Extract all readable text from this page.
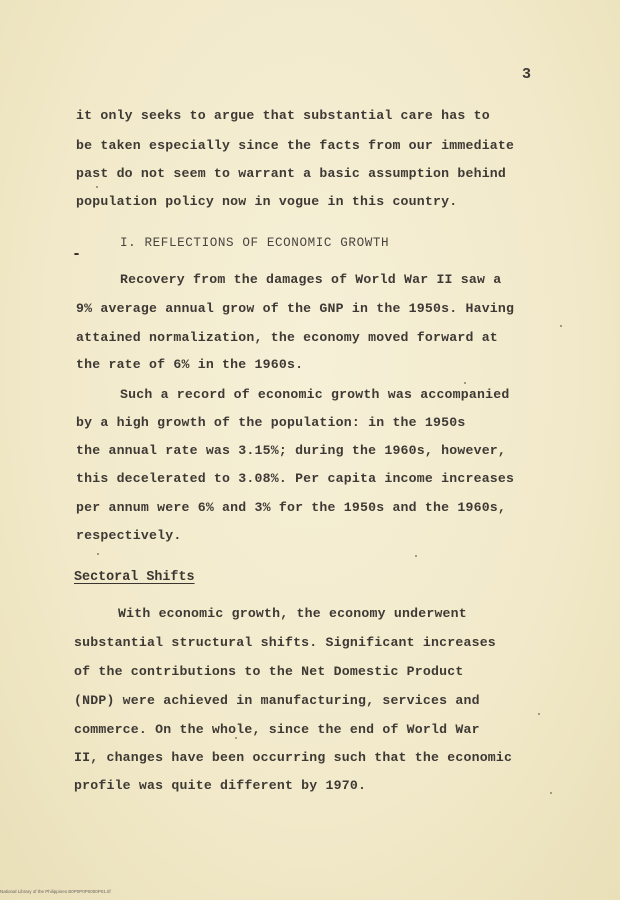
3
it only seeks to argue that substantial care has to
be taken especially since the facts from our immediate
past do not seem to warrant a basic assumption behind
population policy now in vogue in this country.
I. REFLECTIONS OF ECONOMIC GROWTH
Recovery from the damages of World War II saw a
9% average annual grow of the GNP in the 1950s. Having
attained normalization, the economy moved forward at
the rate of 6% in the 1960s.
Such a record of economic growth was accompanied
by a high growth of the population: in the 1950s
the annual rate was 3.15%; during the 1960s, however,
this decelerated to 3.08%. Per capita income increases
per annum were 6% and 3% for the 1950s and the 1960s,
respectively.
Sectoral Shifts
With economic growth, the economy underwent
substantial structural shifts. Significant increases
of the contributions to the Net Domestic Product
(NDP) were achieved in manufacturing, services and
commerce. On the whole, since the end of World War
II, changes have been occurring such that the economic
profile was quite different by 1970.
National Library of the Philippines B0P0P0P0000P01.tif
